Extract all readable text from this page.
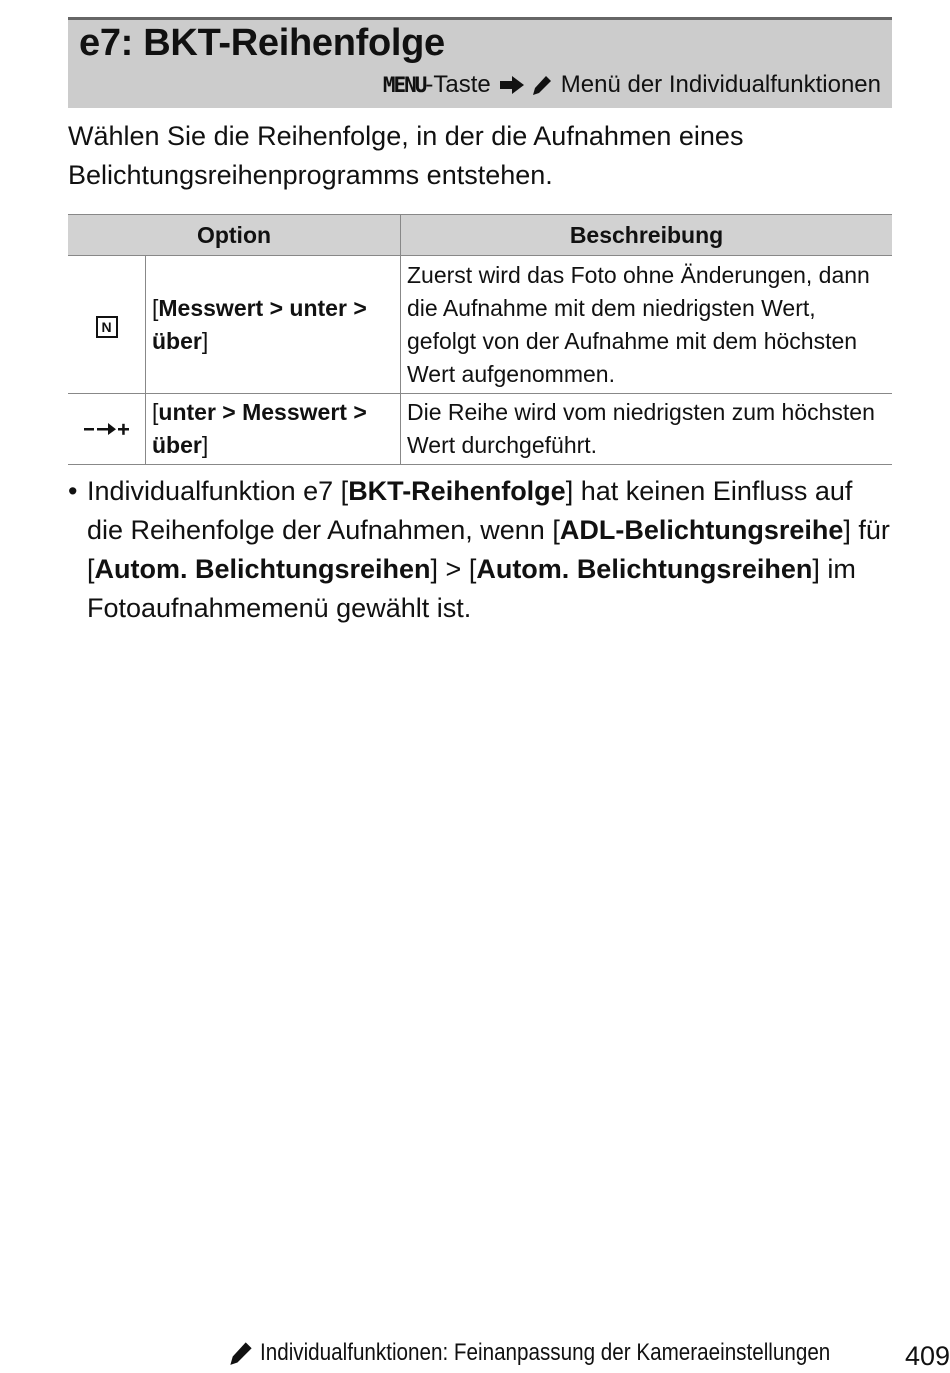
e7: BKT-Reihenfolge
MENU -Taste	Menü der Individualfunktionen

Wählen Sie die Reihenfolge, in der die Aufnahmen eines Belichtungsreihenprogramms entstehen.

Option		Beschreibung
N	[Messwert > unter > über]	Zuerst wird das Foto ohne Änderungen, dann die Aufnahme mit dem niedrigsten Wert, gefolgt von der Aufnahme mit dem höchsten Wert aufgenommen.
	[unter > Messwert > über]	Die Reihe wird vom niedrigsten zum höchsten Wert durchgeführt.
• Individualfunktion e7 [BKT-Reihenfolge] hat keinen Einfluss auf die Reihenfolge der Aufnahmen, wenn [ADL-Belichtungsreihe] für [Autom. Belichtungsreihen] > [Autom. Belichtungsreihen] im Fotoaufnahmemenü gewählt ist.
Individualfunktionen: Feinanpassung der Kameraeinstellungen	409
